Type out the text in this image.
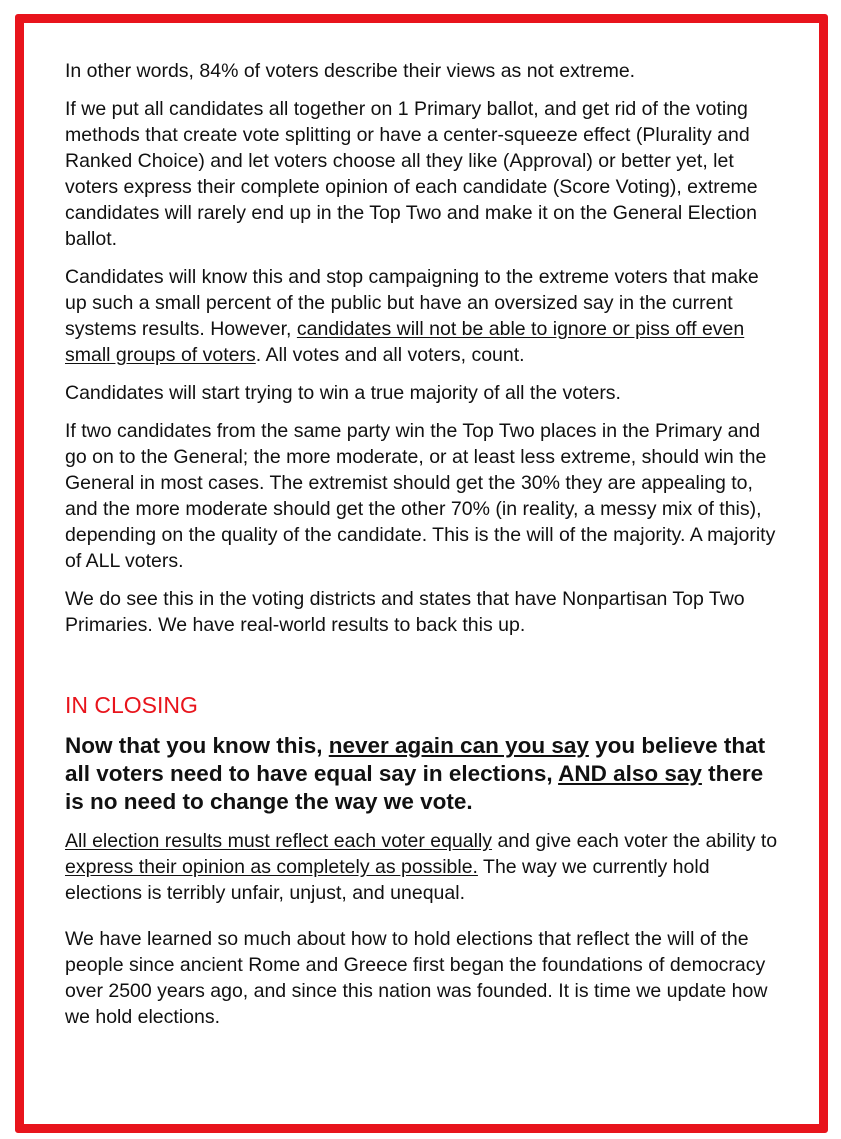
In other words, 84% of voters describe their views as not extreme.

If we put all candidates all together on 1 Primary ballot, and get rid of the voting methods that create vote splitting or have a center-squeeze effect (Plurality and Ranked Choice) and let voters choose all they like (Approval) or better yet, let voters express their complete opinion of each candidate (Score Voting), extreme candidates will rarely end up in the Top Two and make it on the General Election ballot.

Candidates will know this and stop campaigning to the extreme voters that make up such a small percent of the public but have an oversized say in the current systems results. However, candidates will not be able to ignore or piss off even small groups of voters. All votes and all voters, count.

Candidates will start trying to win a true majority of all the voters.

If two candidates from the same party win the Top Two places in the Primary and go on to the General; the more moderate, or at least less extreme, should win the General in most cases. The extremist should get the 30% they are appealing to, and the more moderate should get the other 70% (in reality, a messy mix of this), depending on the quality of the candidate. This is the will of the majority. A majority of ALL voters.

We do see this in the voting districts and states that have Nonpartisan Top Two Primaries. We have real-world results to back this up.

IN CLOSING

Now that you know this, never again can you say you believe that all voters need to have equal say in elections, AND also say there is no need to change the way we vote.

All election results must reflect each voter equally and give each voter the ability to express their opinion as completely as possible. The way we currently hold elections is terribly unfair, unjust, and unequal.

We have learned so much about how to hold elections that reflect the will of the people since ancient Rome and Greece first began the foundations of democracy over 2500 years ago, and since this nation was founded. It is time we update how we hold elections.
